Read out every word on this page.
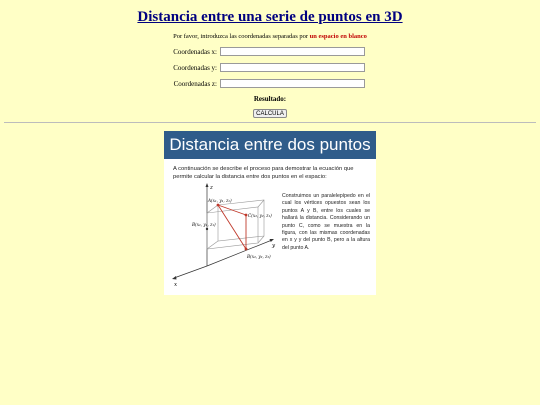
Distancia entre una serie de puntos en 3D
Por favor, introduzca las coordenadas separadas por un espacio en blanco
Coordenadas x:
Coordenadas y:
Coordenadas z:
Resultado:
CALCULA
Distancia entre dos puntos
A continuación se describe el proceso para demostrar la ecuación que permite calcular la distancia entre dos puntos en el espacio:
z
y
x
A(x₁, y₁, z₁)
C(x₂, y₂, z₁)
B(x₁, y₁, z₁)
B(x₂, y₂, z₂)

Construimos un paralelepípedo en el cual los vértices opuestos sean los puntos A y B, entre los cuales se hallará la distancia. Considerando un punto C, como se muestra en la figura, con las mismas coordenadas en x y y del punto B, pero a la altura del punto A.
